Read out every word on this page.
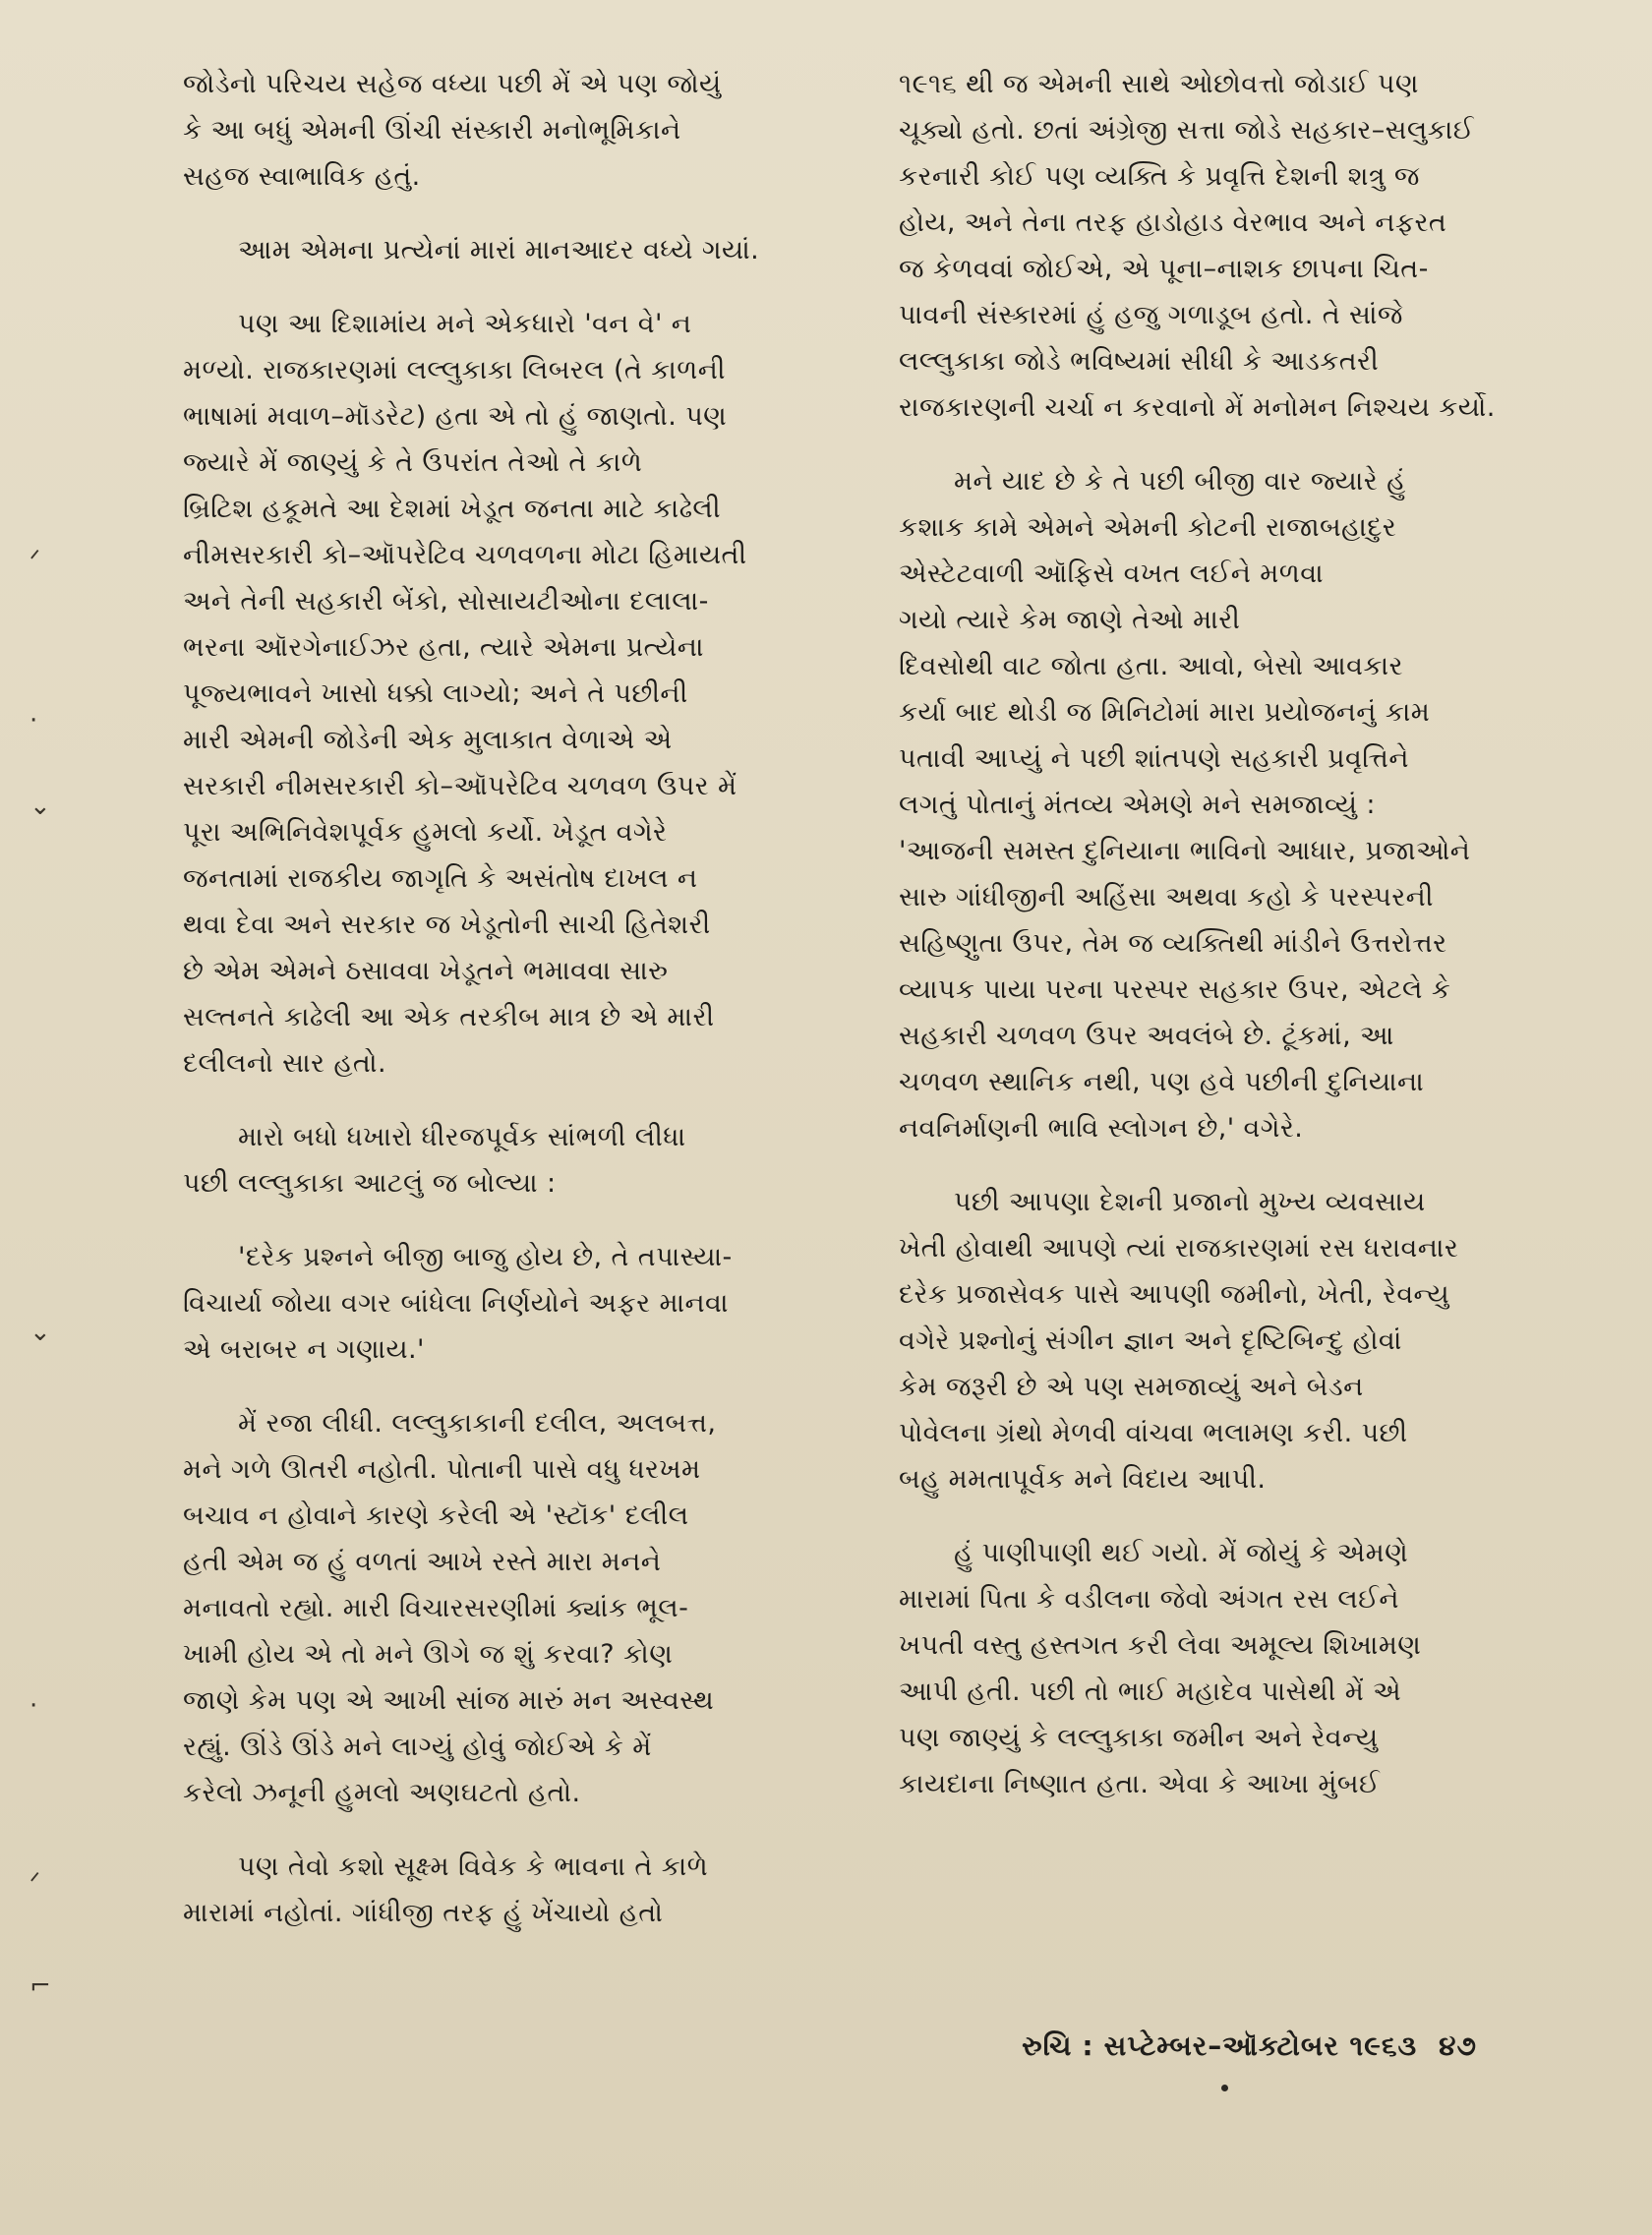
જોડેનો પરિચય સહેજ વધ્યા પછી મેં એ પણ જોયું
કે આ બધું એમની ઊંચી સંસ્કારી મનોભૂમિકાને
સહજ સ્વાભાવિક હતું.
આમ એમના પ્રત્યેનાં મારાં માનઆદર વધ્યે ગયાં.
પણ આ દિશામાંય મને એકધારો 'વન વે' ન
મળ્યો. રાજકારણમાં લલ્લુકાકા લિબરલ (તે કાળની
ભાષામાં મવાળ–મૉડરેટ) હતા એ તો હું જાણતો. પણ
જ્યારે મેં જાણ્યું કે તે ઉપરાંત તેઓ તે કાળે
બ્રિટિશ હકૂમતે આ દેશમાં ખેડૂત જનતા માટે કાઢેલી
નીમસરકારી કો–ઑપરેટિવ ચળવળના મોટા હિમાયતી
અને તેની સહકારી બેંકો, સોસાયટીઓના દલાલા-
ભરના ઑરગેનાઈઝર હતા, ત્યારે એમના પ્રત્યેના
પૂજ્યભાવને ખાસો ધક્કો લાગ્યો; અને તે પછીની
મારી એમની જોડેની એક મુલાકાત વેળાએ એ
સરકારી નીમસરકારી કો–ઑપરેટિવ ચળવળ ઉપર મેં
પૂરા અભિનિવેશપૂર્વક હુમલો કર્યો. ખેડૂત વગેરે
જનતામાં રાજકીય જાગૃતિ કે અસંતોષ દાખલ ન
થવા દેવા અને સરકાર જ ખેડૂતોની સાચી હિતેશરી
છે એમ એમને ઠસાવવા ખેડૂતને ભમાવવા સારુ
સલ્તનતે કાઢેલી આ એક તરકીબ માત્ર છે એ મારી
દલીલનો સાર હતો.
મારો બધો ધખારો ધીરજપૂર્વક સાંભળી લીધા
પછી લલ્લુકાકા આટલું જ બોલ્યા :
'દરેક પ્રશ્નને બીજી બાજુ હોય છે, તે તપાસ્યા-
વિચાર્યા જોયા વગર બાંધેલા નિર્ણયોને અફર માનવા
એ બરાબર ન ગણાય.'
મેં રજા લીધી. લલ્લુકાકાની દલીલ, અલબત્ત,
મને ગળે ઊતરી નહોતી. પોતાની પાસે વધુ ધરખમ
બચાવ ન હોવાને કારણે કરેલી એ 'સ્ટૉક' દલીલ
હતી એમ જ હું વળતાં આખે રસ્તે મારા મનને
મનાવતો રહ્યો. મારી વિચારસરણીમાં ક્યાંક ભૂલ-
ખામી હોય એ તો મને ઊગે જ શું કરવા? કોણ
જાણે કેમ પણ એ આખી સાંજ મારું મન અસ્વસ્થ
રહ્યું. ઊંડે ઊંડે મને લાગ્યું હોવું જોઈએ કે મેં
કરેલો ઝનૂની હુમલો અણઘટતો હતો.
પણ તેવો કશો સૂક્ષ્મ વિવેક કે ભાવના તે કાળે
મારામાં નહોતાં. ગાંધીજી તરફ હું ખેંચાયો હતો
૧૯૧૬ થી જ એમની સાથે ઓછોવત્તો જોડાઈ પણ
ચૂક્યો હતો. છતાં અંગ્રેજી સત્તા જોડે સહકાર–સલુકાઈ
કરનારી કોઈ પણ વ્યક્તિ કે પ્રવૃત્તિ દેશની શત્રુ જ
હોય, અને તેના તરફ હાડોહાડ વેરભાવ અને નફરત
જ કેળવવાં જોઈએ, એ પૂના–નાશક છાપના ચિત-
પાવની સંસ્કારમાં હું હજુ ગળાડૂબ હતો. તે સાંજે
લલ્લુકાકા જોડે ભવિષ્યમાં સીધી કે આડકતરી
રાજકારણની ચર્ચા ન કરવાનો મેં મનોમન નિશ્ચય કર્યો.
મને યાદ છે કે તે પછી બીજી વાર જ્યારે હું
કશાક કામે એમને એમની કોટની રાજાબહાદુર
એસ્ટેટવાળી ઑફિસે વખત લઈને મળવા
ગયો ત્યારે કેમ જાણે તેઓ મારી
દિવસોથી વાટ જોતા હતા. આવો, બેસો આવકાર
કર્યા બાદ થોડી જ મિનિટોમાં મારા પ્રયોજનનું કામ
પતાવી આપ્યું ને પછી શાંતપણે સહકારી પ્રવૃત્તિને
લગતું પોતાનું મંતવ્ય એમણે મને સમજાવ્યું :
'આજની સમસ્ત દુનિયાના ભાવિનો આધાર, પ્રજાઓને
સારુ ગાંધીજીની અહિંસા અથવા કહો કે પરસ્પરની
સહિષ્ણુતા ઉપર, તેમ જ વ્યક્તિથી માંડીને ઉત્તરોત્તર
વ્યાપક પાયા પરના પરસ્પર સહકાર ઉપર, એટલે કે
સહકારી ચળવળ ઉપર અવલંબે છે. ટૂંકમાં, આ
ચળવળ સ્થાનિક નથી, પણ હવે પછીની દુનિયાના
નવનિર્માણની ભાવિ સ્લોગન છે,' વગેરે.
પછી આપણા દેશની પ્રજાનો મુખ્ય વ્યવસાય
ખેતી હોવાથી આપણે ત્યાં રાજકારણમાં રસ ધરાવનાર
દરેક પ્રજાસેવક પાસે આપણી જમીનો, ખેતી, રેવન્યુ
વગેરે પ્રશ્નોનું સંગીન જ્ઞાન અને દૃષ્ટિબિન્દુ હોવાં
કેમ જરૂરી છે એ પણ સમજાવ્યું અને બેડન
પોવેલના ગ્રંથો મેળવી વાંચવા ભલામણ કરી. પછી
બહુ મમતાપૂર્વક મને વિદાય આપી.
હું પાણીપાણી થઈ ગયો. મેં જોયું કે એમણે
મારામાં પિતા કે વડીલના જેવો અંગત રસ લઈને
ખપતી વસ્તુ હસ્તગત કરી લેવા અમૂલ્ય શિખામણ
આપી હતી. પછી તો ભાઈ મહાદેવ પાસેથી મેં એ
પણ જાણ્યું કે લલ્લુકાકા જમીન અને રેવન્યુ
કાયદાના નિષ્ણાત હતા. એવા કે આખા મુંબઈ
રુચિ : સપ્ટેમ્બર–ઑક્ટોબર ૧૯૬૩ ૪૭
ᐟ
·
⌄
⌄
·
ᐟ
⌐
